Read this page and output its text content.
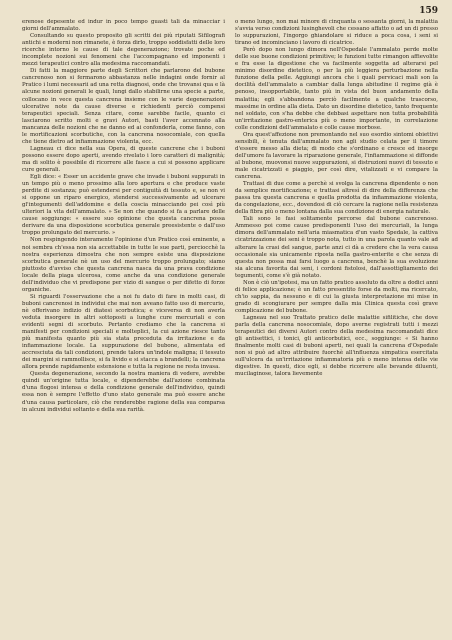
159

erenose depesente ed indur in poco tempo guasti tali da minacciar i giorni dell'ammalato.

Consultando su questo proposito gli scritti dei più riputati Sifilografi antichi e moderni non rimanete, è forza dirlo, troppo soddisfatti delle loro ricerche intorno le cause di tale degenerazione; trovate poche ed incomplete nozioni sui fenomeni che l'accompagnano ed imponenti i mezzi terapeutici contro alla medesima raccomandati.

Di fatti la maggiore parte degli Scrittori che parlarono del bubone cancrenoso non si fermarono abbastanza nelle indagini onde fornir al Pratico i lumi necessarii ad una retta diagnosi, onde che trovansi qua e là alcune nozioni generali le quali, lungi dallo stabilirne una specie a parte, collocano in vece questa cancrena insieme con le varie degenerazioni ulcerative note da cause diverse e richiedenti perciò compensi terapeutici speciali. Senza citare, come sarebbe facile, quanto ci lasciarono scritto molti e gravi Autori, basti l'aver accennato alla mancanza delle nozioni che ne danno ed ai confonderla, come fanno, con le mortificazioni scorbutiche, con la cancrena nosocomiale, con quella che tiene dietro ad infiammazione violenta, ecc.

Lagneau ci dice nella sua Opera, di queste cancrene che i buboni possono essere dopo aperti, avendo rivelato i loro caratteri di malignità; ma di solito è possibile di ricorrere alle fasce a cui si possono applicare cure generali.

Egli dice: « Esser un accidente grave che invade i buboni suppurati in un tempo più o meno prossimo alla loro apertura e che produce vaste perdite di sostanza; può estendersi per contiguità di tessuto e, se non vi si oppone un riparo energico, stendersi successivamente ad ulcerare gl'integumenti dell'addomine e della coscia minacciando pei così più ulteriori la vita dell'ammalato. » Se non che quando si fa a parlare delle cause soggiunge: « essere suo opinione che questa cancrena possa derivare da una disposizione scorbutica generale preesistente o dall'uso troppo prolungato del mercurio. »

Non respingendo interamente l'opinione d'un Pratico così eminente, a noi sembra ch'essa non sia accettabile in tutte le sue parti, perciocchè la nostra esperienza dimostra che non sempre esiste una disposizione scorbutica generale nè un uso del mercurio troppo prolungato; siamo piuttosto d'avviso che questa cancrena nasca da una prava condizione locale della piaga ulcerosa, come anche da una condizione generale dell'individuo che vi predispone per vizio di sangue o per difetto di forze organiche.

Si riguardi l'osservazione che a noi fu dato di fare in molti casi, di buboni cancrenosi in individui che mai non aveano fatto uso di mercurio, nè offerivano indizio di diatesi scorbutica; e viceversa di non averla veduta insorgere in altri sottoposti a lunghe cure mercuriali e con evidenti segni di scorbuto. Pertanto crediamo che la cancrena si manifesti per condizioni speciali e molteplici, la cui azione riesce tanto più manifesta quanto più sia stata preceduta da irritazione e da infiammazione locale. La suppurazione del bubone, alimentata ed accresciuta da tali condizioni, prende talora un'indole maligna; il tessuto dei margini si rammollisce, si fa livido e si stacca a brandelli; la cancrena allora prende rapidamente estensione e tutta la regione ne resta invasa.

Questa degenerazione, secondo la nostra maniera di vedere, avrebbe quindi un'origine tutta locale, e dipenderebbe dall'azione combinata d'una flogosi intensa e della condizione generale dell'individuo, quindi essa non è sempre l'effetto d'uno stato generale ma può essere anche d'una causa particolare, ciò che renderebbe ragione della sua comparsa in alcuni individui soltanto e della sua rarità.

o meno lungo, non mai minore di cinquanta o sessanta giorni, la malattia s'avvia verso condizioni lusinghevoli che cessano affatto o ad un di presso lo suppurazioni, l'ingorgo ghiandolare si riduce a poca cosa, i seni si tirano ed incominciano i lavoro di cicatrice.

Però dopo non lungo dimora nell'Ospedale l'ammalato perde molte delle sue buone condizioni primitive; le funzioni tutte rimangon affievolite e fra esse la digestione che va facilmente soggetta ad alterarsi pel minimo disordine dietetico, o per la più leggiera perturbazione nella funzione della pelle. Aggiungi ancora che i quali pervicaci mali son la docilità dell'ammalato a cambiar dalla lunga abitudine il regime già è penoso, insopportabile, tanto più in vista del buon andamento della malattia; egli s'abbandona perciò facilmente a qualche trascorso, massime in ordine alla dieta. Dato un disordine dietetico, tanto frequente nel soldato, con s'ha debbe che debbasi aspettare non tutta probabilità un'irritazione gastro-enterica più o meno importante, in correlazione colle condizioni dell'ammalato e colle cause morbose.

Ora quest'affezione non premontando nel suo esordio sintomi obiettivi sensibili, è tenuta dall'ammalato non agli studio celata per il timore d'essere messo alla dieta; di modo che s'ordinano e cresce ed insorge dell'umore fa lavorare la riparazione generale, l'infiammazione si diffonde al bubone, muovonsi nuove suppurazioni, si distruzioni nuovi di tessuto e male cicatrizzati e piaggio, per così dire, vitalizzati e vi compare la cancrena.

Trattasi di due come a perchè si svolga la cancrena dipendente o non da semplice mortificazione; e trattasi altresì di dire della differenza che passa tra questa cancrena e quella prodotta da infiammazione violenta, da congelazione, ecc., dovendosi di ciò cercare la ragione nella resistenza della fibra più o meno lontana dalla sua condizione di energia naturale.

Tali sono le fasi solitamente percorse dal bubone cancrenoso. Ammesso poi come cause predisponenti l'uso dei mercuriali, la lunga dimora dell'ammalato nell'aria miasmatica d'un vasto Spedale, la cattiva cicatrizzazione dei seni è troppo nota, tutto in una parola quanto vale ad alterare la crasi del sangue, parte anzi ci dà a credere che la vera causa occasionale sia unicamente riposta nella gastro-enterite e che senza di questa non possa mai farsi luogo a cancrena, benchè la sua evoluzione sia alcuna favorita dai seni, i cordoni fistolosi, dall'assottigliamento dei tegumenti, come s'è già notato.

Non è ciò un'ipotesi, ma un fatto pratico assoluto da oltre a dodici anni di felice applicazione; è un fatto presentito forse da molti, ma ricercato, ch'io sappia, da nessuno e di cui la giusta interpretazione mi mise in grado di scongiurare per sempre dalla mia Clinica questa così grave complicazione del bubone.

Lagneau nel suo Trattato pratico delle malattie sifilitiche, che dove parla della cancrena nosocomiale, dopo averne registrati tutti i mezzi terapeutici dei diversi Autori contro della medesima raccomandati dice gli antisettici, i tonici, gli anticorbutici, ecc., soggiunge: « Si hanno finalmente molti casi di buboni aperti, nei quali la cancrena d'Ospedale non si può ad altro attribuire fuorchè all'influenza simpatica esercitata sull'ulcera da un'irritazione infiammatoria più o meno intensa delle vie digestive. In questi, dice egli, si debbe ricorrere alle bevande diluenti, mucilaginose, talora lievemente
